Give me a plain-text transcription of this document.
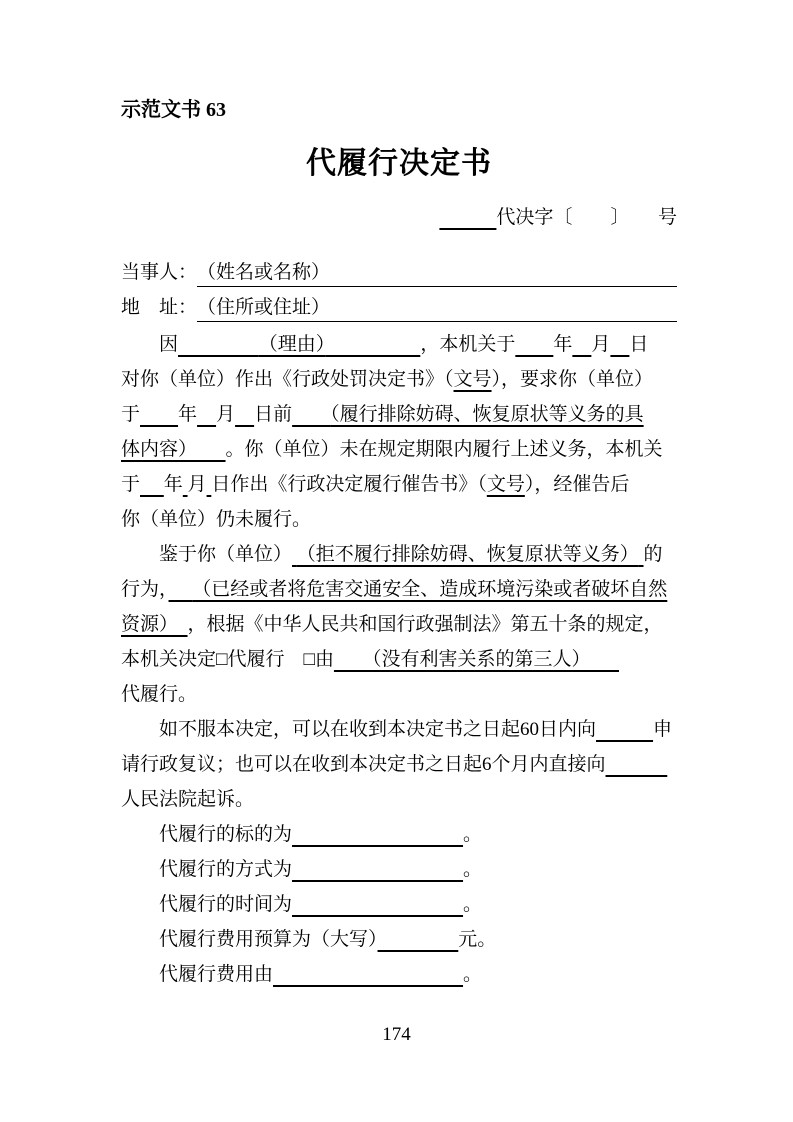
示范文书 63
代履行决定书
　　　代决字〔　　 〕　　 号
当事人： （姓名或名称）
地　址： （住所或住址）

因　　　　	（理由）　　　　　	，本机关于　　 年　 月　 日

对你（单位）作出《行政处罚决定书》（文号），要求你（单位）

于　　 年　 月　 日前　　 （履行排除妨碍、恢复原状等义务的具

体内容）　　 。你（单位）未在规定期限内履行上述义务，本机关

于　 年 月 日作出《行政决定履行催告书》（文号），经催告后

你（单位）仍未履行。

鉴于你（单位） （拒不履行排除妨碍、恢复原状等义务） 的

行为，　 （已经或者将危害交通安全、造成环境污染或者破坏自然

资源）　 ，根据《中华人民共和国行政强制法》第五十条的规定，

本机关决定□代履行　□由　　 （没有利害关系的第三人）　　

代履行。

如不服本决定，可以在收到本决定书之日起60日内向　　　	申

请行政复议；也可以在收到本决定书之日起6个月内直接向　　　

人民法院起诉。

代履行的标的为　　　　　　　　　	。

代履行的方式为　　　　　　　　　	。

代履行的时间为　　　　　　　　　	。

代履行费用预算为（大写）　　　　	元。

代履行费用由　　　　　　　　　　	。

174
